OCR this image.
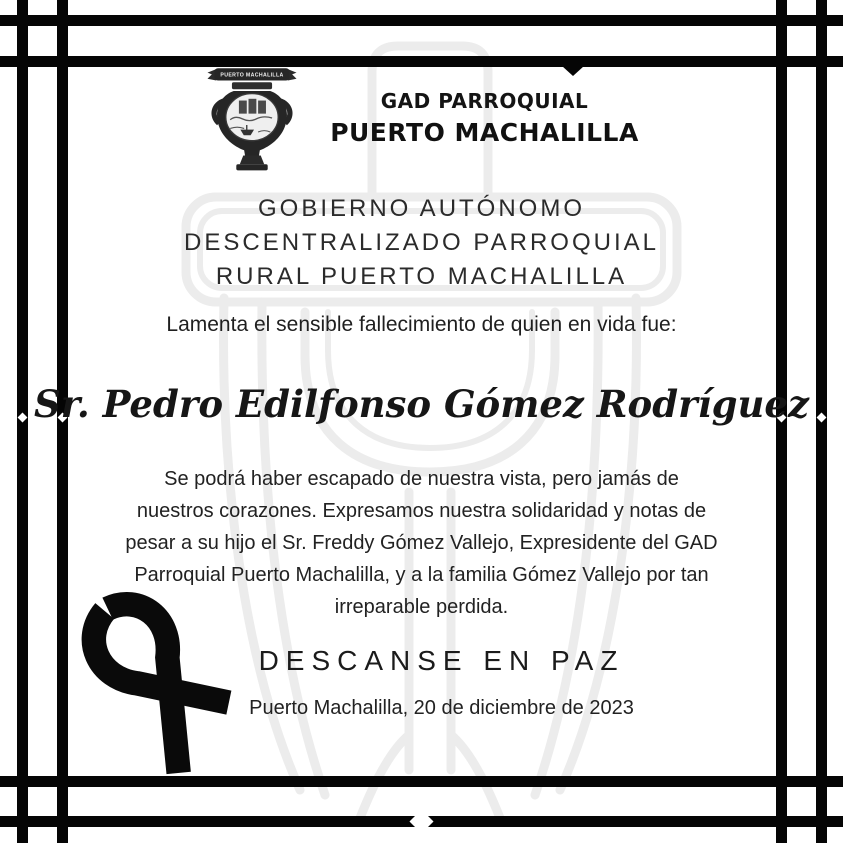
PUERTO MACHALILLA
GAD PARROQUIAL
PUERTO MACHALILLA
GOBIERNO AUTÓNOMO
DESCENTRALIZADO PARROQUIAL
RURAL PUERTO MACHALILLA
Lamenta el sensible fallecimiento de quien en vida fue:
Sr. Pedro Edilfonso Gómez Rodríguez
Se podrá haber escapado de nuestra vista, pero jamás de
nuestros corazones. Expresamos nuestra solidaridad y notas de
pesar a su hijo el Sr. Freddy Gómez Vallejo, Expresidente del GAD
Parroquial Puerto Machalilla, y a la familia Gómez Vallejo por tan
irreparable perdida.
DESCANSE EN PAZ
Puerto Machalilla, 20 de diciembre de 2023
